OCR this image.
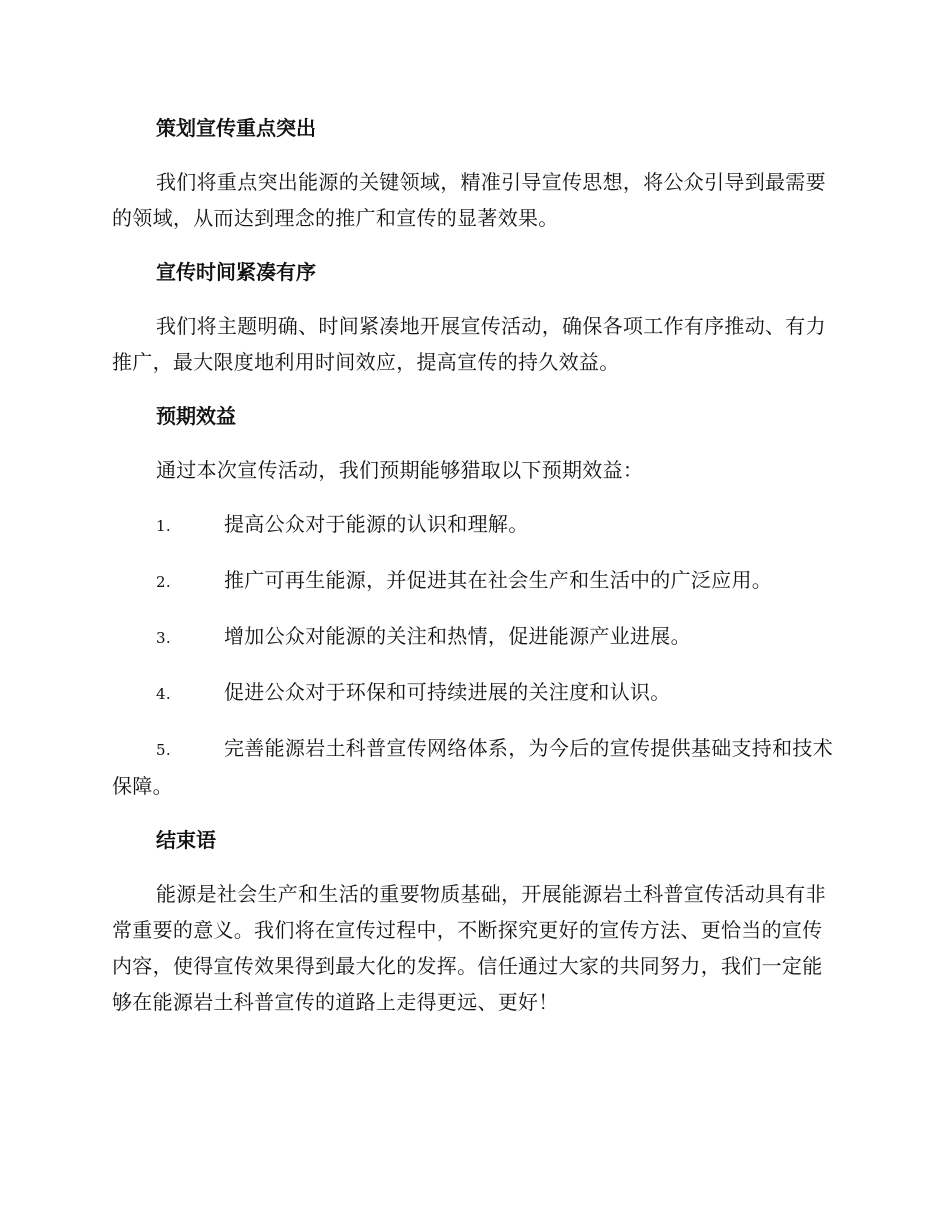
策划宣传重点突出

我们将重点突出能源的关键领域，精准引导宣传思想，将公众引导到最需要的领域，从而达到理念的推广和宣传的显著效果。

宣传时间紧凑有序

我们将主题明确、时间紧凑地开展宣传活动，确保各项工作有序推动、有力推广，最大限度地利用时间效应，提高宣传的持久效益。

预期效益

通过本次宣传活动，我们预期能够猎取以下预期效益：

1.	提高公众对于能源的认识和理解。

2.	推广可再生能源，并促进其在社会生产和生活中的广泛应用。

3.	增加公众对能源的关注和热情，促进能源产业进展。

4.	促进公众对于环保和可持续进展的关注度和认识。

5.	完善能源岩土科普宣传网络体系，为今后的宣传提供基础支持和技术保障。

结束语

能源是社会生产和生活的重要物质基础，开展能源岩土科普宣传活动具有非常重要的意义。我们将在宣传过程中，不断探究更好的宣传方法、更恰当的宣传内容，使得宣传效果得到最大化的发挥。信任通过大家的共同努力，我们一定能够在能源岩土科普宣传的道路上走得更远、更好！
